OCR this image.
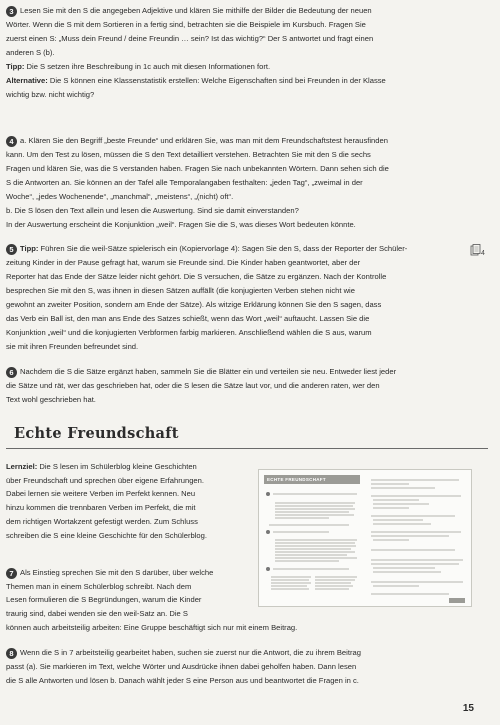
3 Lesen Sie mit den S die angegeben Adjektive und klären Sie mithilfe der Bilder die Bedeutung der neuen

Wörter. Wenn die S mit dem Sortieren in a fertig sind, betrachten sie die Beispiele im Kursbuch. Fragen Sie

zuerst einen S: „Muss dein Freund / deine Freundin … sein? Ist das wichtig?“ Der S antwortet und fragt einen

anderen S (b).

Tipp: Die S setzen ihre Beschreibung in 1c auch mit diesen Informationen fort.

Alternative: Die S können eine Klassenstatistik erstellen: Welche Eigenschaften sind bei Freunden in der Klasse

wichtig bzw. nicht wichtig?

4 a. Klären Sie den Begriff „beste Freunde“ und erklären Sie, was man mit dem Freundschaftstest herausfinden

kann. Um den Test zu lösen, müssen die S den Text detailliert verstehen. Betrachten Sie mit den S die sechs

Fragen und klären Sie, was die S verstanden haben. Fragen Sie nach unbekannten Wörtern. Dann sehen sich die

S die Antworten an. Sie können an der Tafel alle Temporalangaben festhalten: „jeden Tag“, „zweimal in der

Woche“, „jedes Wochenende“, „manchmal“, „meistens“, „(nicht) oft“.

b. Die S lösen den Text allein und lesen die Auswertung. Sind sie damit einverstanden?

In der Auswertung erscheint die Konjunktion „weil“. Fragen Sie die S, was dieses Wort bedeuten könnte.

5 Tipp: Führen Sie die weil-Sätze spielerisch ein (Kopiervorlage 4): Sagen Sie den S, dass der Reporter der Schüler-

zeitung Kinder in der Pause gefragt hat, warum sie Freunde sind. Die Kinder haben geantwortet, aber der

Reporter hat das Ende der Sätze leider nicht gehört. Die S versuchen, die Sätze zu ergänzen. Nach der Kontrolle

besprechen Sie mit den S, was ihnen in diesen Sätzen auffällt (die konjugierten Verben stehen nicht wie

gewohnt an zweiter Position, sondern am Ende der Sätze). Als witzige Erklärung können Sie den S sagen, dass

das Verb ein Ball ist, den man ans Ende des Satzes schießt, wenn das Wort „weil“ auftaucht. Lassen Sie die

Konjunktion „weil“ und die konjugierten Verbformen farbig markieren. Anschließend wählen die S aus, warum

sie mit ihren Freunden befreundet sind.

4

6 Nachdem die S die Sätze ergänzt haben, sammeln Sie die Blätter ein und verteilen sie neu. Entweder liest jeder

die Sätze und rät, wer das geschrieben hat, oder die S lesen die Sätze laut vor, und die anderen raten, wer den

Text wohl geschrieben hat.

Echte Freundschaft

Lernziel: Die S lesen im Schülerblog kleine Geschichten

über Freundschaft und sprechen über eigene Erfahrungen.

Dabei lernen sie weitere Verben im Perfekt kennen. Neu

hinzu kommen die trennbaren Verben im Perfekt, die mit

dem richtigen Wortakzent gefestigt werden. Zum Schluss

schreiben die S eine kleine Geschichte für den Schülerblog.

7 Als Einstieg sprechen Sie mit den S darüber, über welche

Themen man in einem Schülerblog schreibt. Nach dem

Lesen formulieren die S Begründungen, warum die Kinder

traurig sind, dabei wenden sie den weil-Satz an. Die S

können auch arbeitsteilig arbeiten: Eine Gruppe beschäftigt sich nur mit einem Beitrag.

8 Wenn die S in 7 arbeitsteilig gearbeitet haben, suchen sie zuerst nur die Antwort, die zu ihrem Beitrag

passt (a). Sie markieren im Text, welche Wörter und Ausdrücke ihnen dabei geholfen haben. Dann lesen

die S alle Antworten und lösen b. Danach wählt jeder S eine Person aus und beantwortet die Fragen in c.

ECHTE FREUNDSCHAFT
15
